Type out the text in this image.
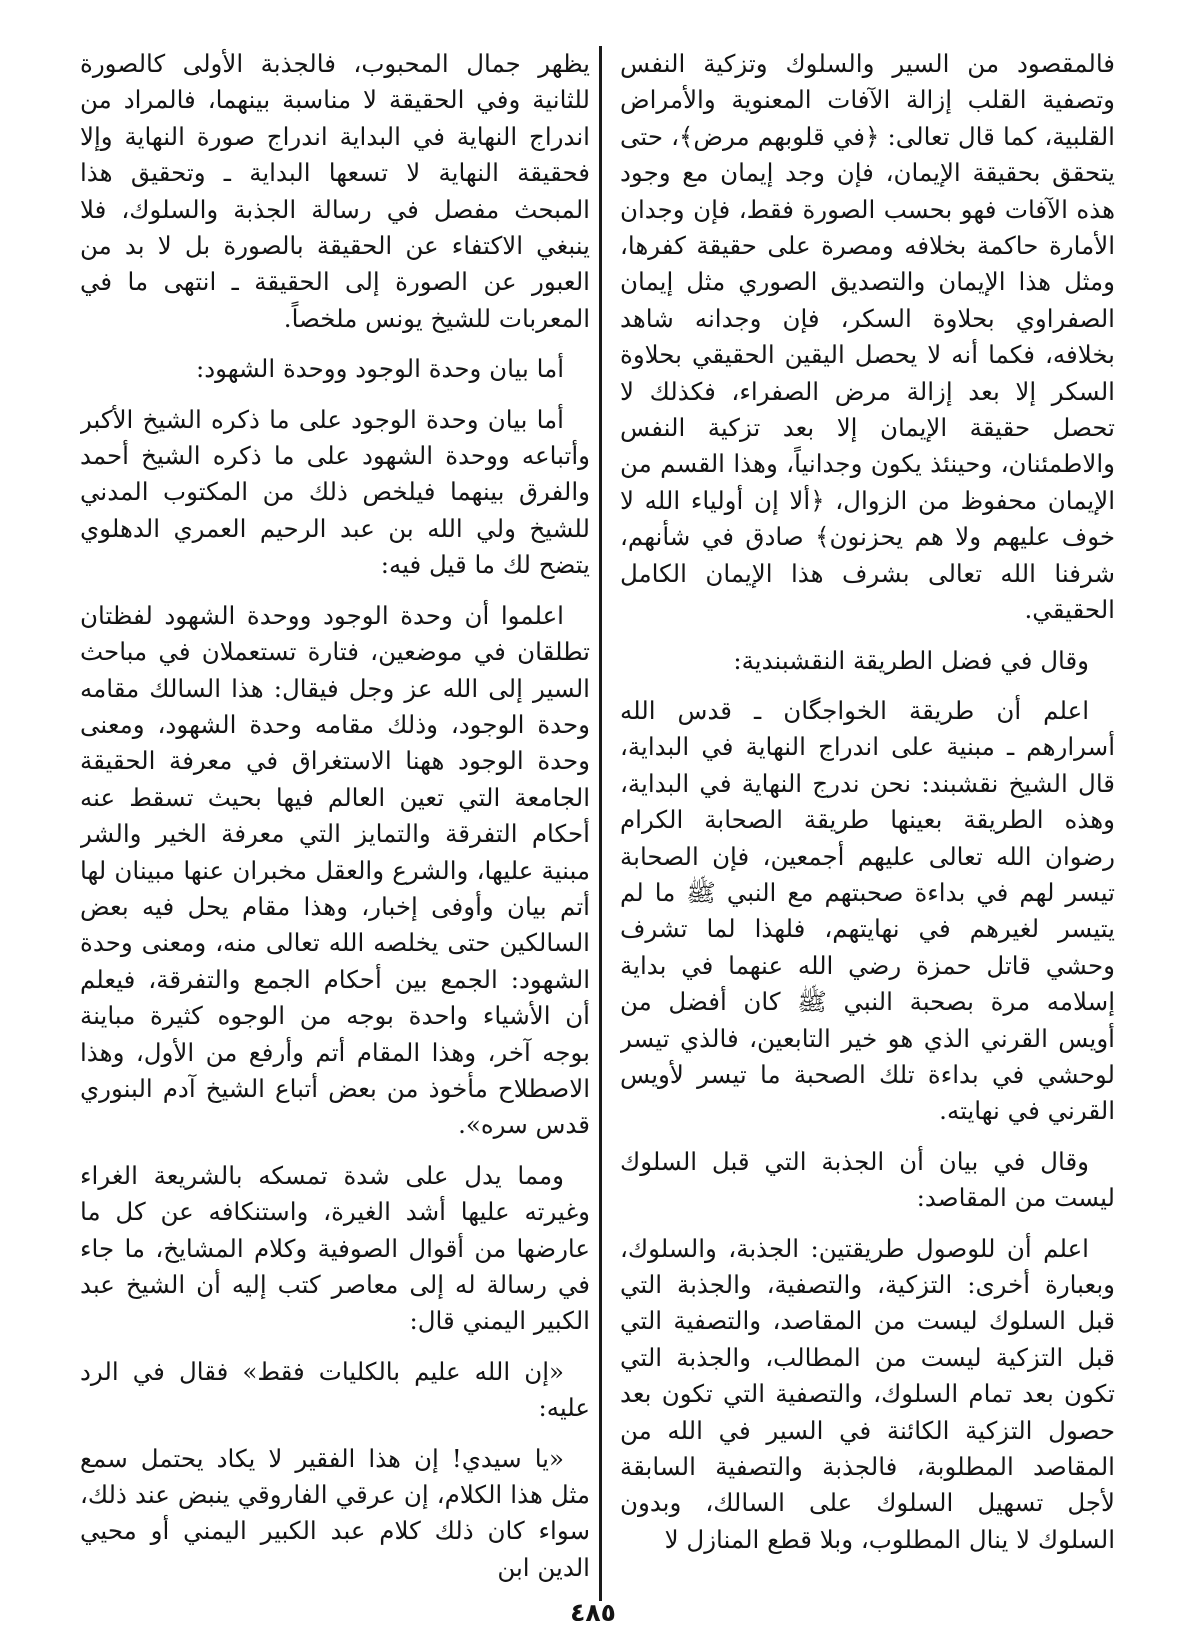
فالمقصود من السير والسلوك وتزكية النفس وتصفية القلب إزالة الآفات المعنوية والأمراض القلبية، كما قال تعالى: ﴿في قلوبهم مرض﴾، حتى يتحقق بحقيقة الإيمان، فإن وجد إيمان مع وجود هذه الآفات فهو بحسب الصورة فقط، فإن وجدان الأمارة حاكمة بخلافه ومصرة على حقيقة كفرها، ومثل هذا الإيمان والتصديق الصوري مثل إيمان الصفراوي بحلاوة السكر، فإن وجدانه شاهد بخلافه، فكما أنه لا يحصل اليقين الحقيقي بحلاوة السكر إلا بعد إزالة مرض الصفراء، فكذلك لا تحصل حقيقة الإيمان إلا بعد تزكية النفس والاطمئنان، وحينئذ يكون وجدانياً، وهذا القسم من الإيمان محفوظ من الزوال، ﴿ألا إن أولياء الله لا خوف عليهم ولا هم يحزنون﴾ صادق في شأنهم، شرفنا الله تعالى بشرف هذا الإيمان الكامل الحقيقي.

وقال في فضل الطريقة النقشبندية:

اعلم أن طريقة الخواجگان ـ قدس الله أسرارهم ـ مبنية على اندراج النهاية في البداية، قال الشيخ نقشبند: نحن ندرج النهاية في البداية، وهذه الطريقة بعينها طريقة الصحابة الكرام رضوان الله تعالى عليهم أجمعين، فإن الصحابة تيسر لهم في بداءة صحبتهم مع النبي ﷺ ما لم يتيسر لغيرهم في نهايتهم، فلهذا لما تشرف وحشي قاتل حمزة رضي الله عنهما في بداية إسلامه مرة بصحبة النبي ﷺ كان أفضل من أويس القرني الذي هو خير التابعين، فالذي تيسر لوحشي في بداءة تلك الصحبة ما تيسر لأويس القرني في نهايته.

وقال في بيان أن الجذبة التي قبل السلوك ليست من المقاصد:

اعلم أن للوصول طريقتين: الجذبة، والسلوك، وبعبارة أخرى: التزكية، والتصفية، والجذبة التي قبل السلوك ليست من المقاصد، والتصفية التي قبل التزكية ليست من المطالب، والجذبة التي تكون بعد تمام السلوك، والتصفية التي تكون بعد حصول التزكية الكائنة في السير في الله من المقاصد المطلوبة، فالجذبة والتصفية السابقة لأجل تسهيل السلوك على السالك، وبدون السلوك لا ينال المطلوب، وبلا قطع المنازل لا

يظهر جمال المحبوب، فالجذبة الأولى كالصورة للثانية وفي الحقيقة لا مناسبة بينهما، فالمراد من اندراج النهاية في البداية اندراج صورة النهاية وإلا فحقيقة النهاية لا تسعها البداية ـ وتحقيق هذا المبحث مفصل في رسالة الجذبة والسلوك، فلا ينبغي الاكتفاء عن الحقيقة بالصورة بل لا بد من العبور عن الصورة إلى الحقيقة ـ انتهى ما في المعربات للشيخ يونس ملخصاً.

أما بيان وحدة الوجود ووحدة الشهود:

أما بيان وحدة الوجود على ما ذكره الشيخ الأكبر وأتباعه ووحدة الشهود على ما ذكره الشيخ أحمد والفرق بينهما فيلخص ذلك من المكتوب المدني للشيخ ولي الله بن عبد الرحيم العمري الدهلوي يتضح لك ما قيل فيه:

اعلموا أن وحدة الوجود ووحدة الشهود لفظتان تطلقان في موضعين، فتارة تستعملان في مباحث السير إلى الله عز وجل فيقال: هذا السالك مقامه وحدة الوجود، وذلك مقامه وحدة الشهود، ومعنى وحدة الوجود ههنا الاستغراق في معرفة الحقيقة الجامعة التي تعين العالم فيها بحيث تسقط عنه أحكام التفرقة والتمايز التي معرفة الخير والشر مبنية عليها، والشرع والعقل مخبران عنها مبينان لها أتم بيان وأوفى إخبار، وهذا مقام يحل فيه بعض السالكين حتى يخلصه الله تعالى منه، ومعنى وحدة الشهود: الجمع بين أحكام الجمع والتفرقة، فيعلم أن الأشياء واحدة بوجه من الوجوه كثيرة مباينة بوجه آخر، وهذا المقام أتم وأرفع من الأول، وهذا الاصطلاح مأخوذ من بعض أتباع الشيخ آدم البنوري قدس سره».

ومما يدل على شدة تمسكه بالشريعة الغراء وغيرته عليها أشد الغيرة، واستنكافه عن كل ما عارضها من أقوال الصوفية وكلام المشايخ، ما جاء في رسالة له إلى معاصر كتب إليه أن الشيخ عبد الكبير اليمني قال:

«إن الله عليم بالكليات فقط» فقال في الرد عليه:

«يا سيدي! إن هذا الفقير لا يكاد يحتمل سمع مثل هذا الكلام، إن عرقي الفاروقي ينبض عند ذلك، سواء كان ذلك كلام عبد الكبير اليمني أو محيي الدين ابن

٤٨٥
